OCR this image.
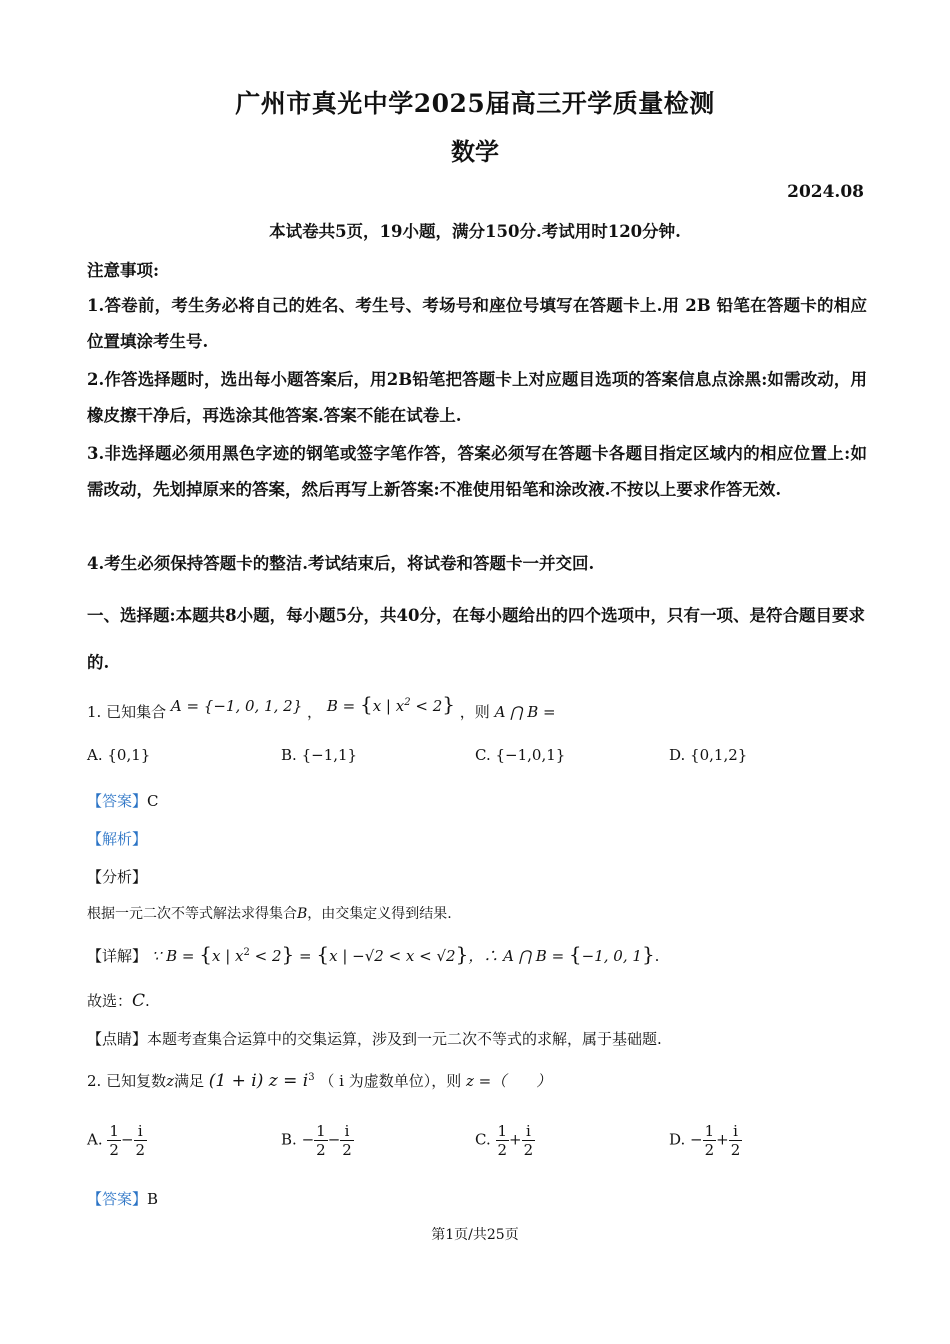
广州市真光中学2025届高三开学质量检测
数学
2024.08
本试卷共5页，19小题，满分150分.考试用时120分钟.
注意事项:
1.答卷前，考生务必将自己的姓名、考生号、考场号和座位号填写在答题卡上.用 2B 铅笔在答题卡的相应位置填涂考生号.
2.作答选择题时，选出每小题答案后，用2B铅笔把答题卡上对应题目选项的答案信息点涂黑:如需改动，用橡皮擦干净后，再选涂其他答案.答案不能在试卷上.
3.非选择题必须用黑色字迹的钢笔或签字笔作答，答案必须写在答题卡各题目指定区域内的相应位置上:如需改动，先划掉原来的答案，然后再写上新答案:不准使用铅笔和涂改液.不按以上要求作答无效.
4.考生必须保持答题卡的整洁.考试结束后，将试卷和答题卡一并交回.
一、选择题:本题共8小题，每小题5分，共40分，在每小题给出的四个选项中，只有一项、是符合题目要求的.
1. 已知集合 A = {−1, 0, 1, 2} ， B = {x | $x^2 < 2$} ，则 A ⋂ B =
A. {0,1}	B. {−1,1}	C. {−1,0,1}	D. {0,1,2}
【答案】C
【解析】
【分析】
根据一元二次不等式解法求得集合B，由交集定义得到结果.
【详解】 ∵ B = {x | $x^2 < 2\} = \{x$ | −√2 < x < √2}，∴ A ⋂ B = {−1, 0, 1}.
故选：C.
【点睛】本题考查集合运算中的交集运算，涉及到一元二次不等式的求解，属于基础题.
2. 已知复数z满足 (1 + i) $z = i^3$ （ i 为虚数单位），则 z =（　　）
A. $\frac{1}{2} - \frac{i}{2}$	B. − $\frac{1}{2} - \frac{i}{2}$	C. $\frac{1}{2} + \frac{i}{2}$	D. − $\frac{1}{2} + \frac{i}{2}$
【答案】B
第1页/共25页
